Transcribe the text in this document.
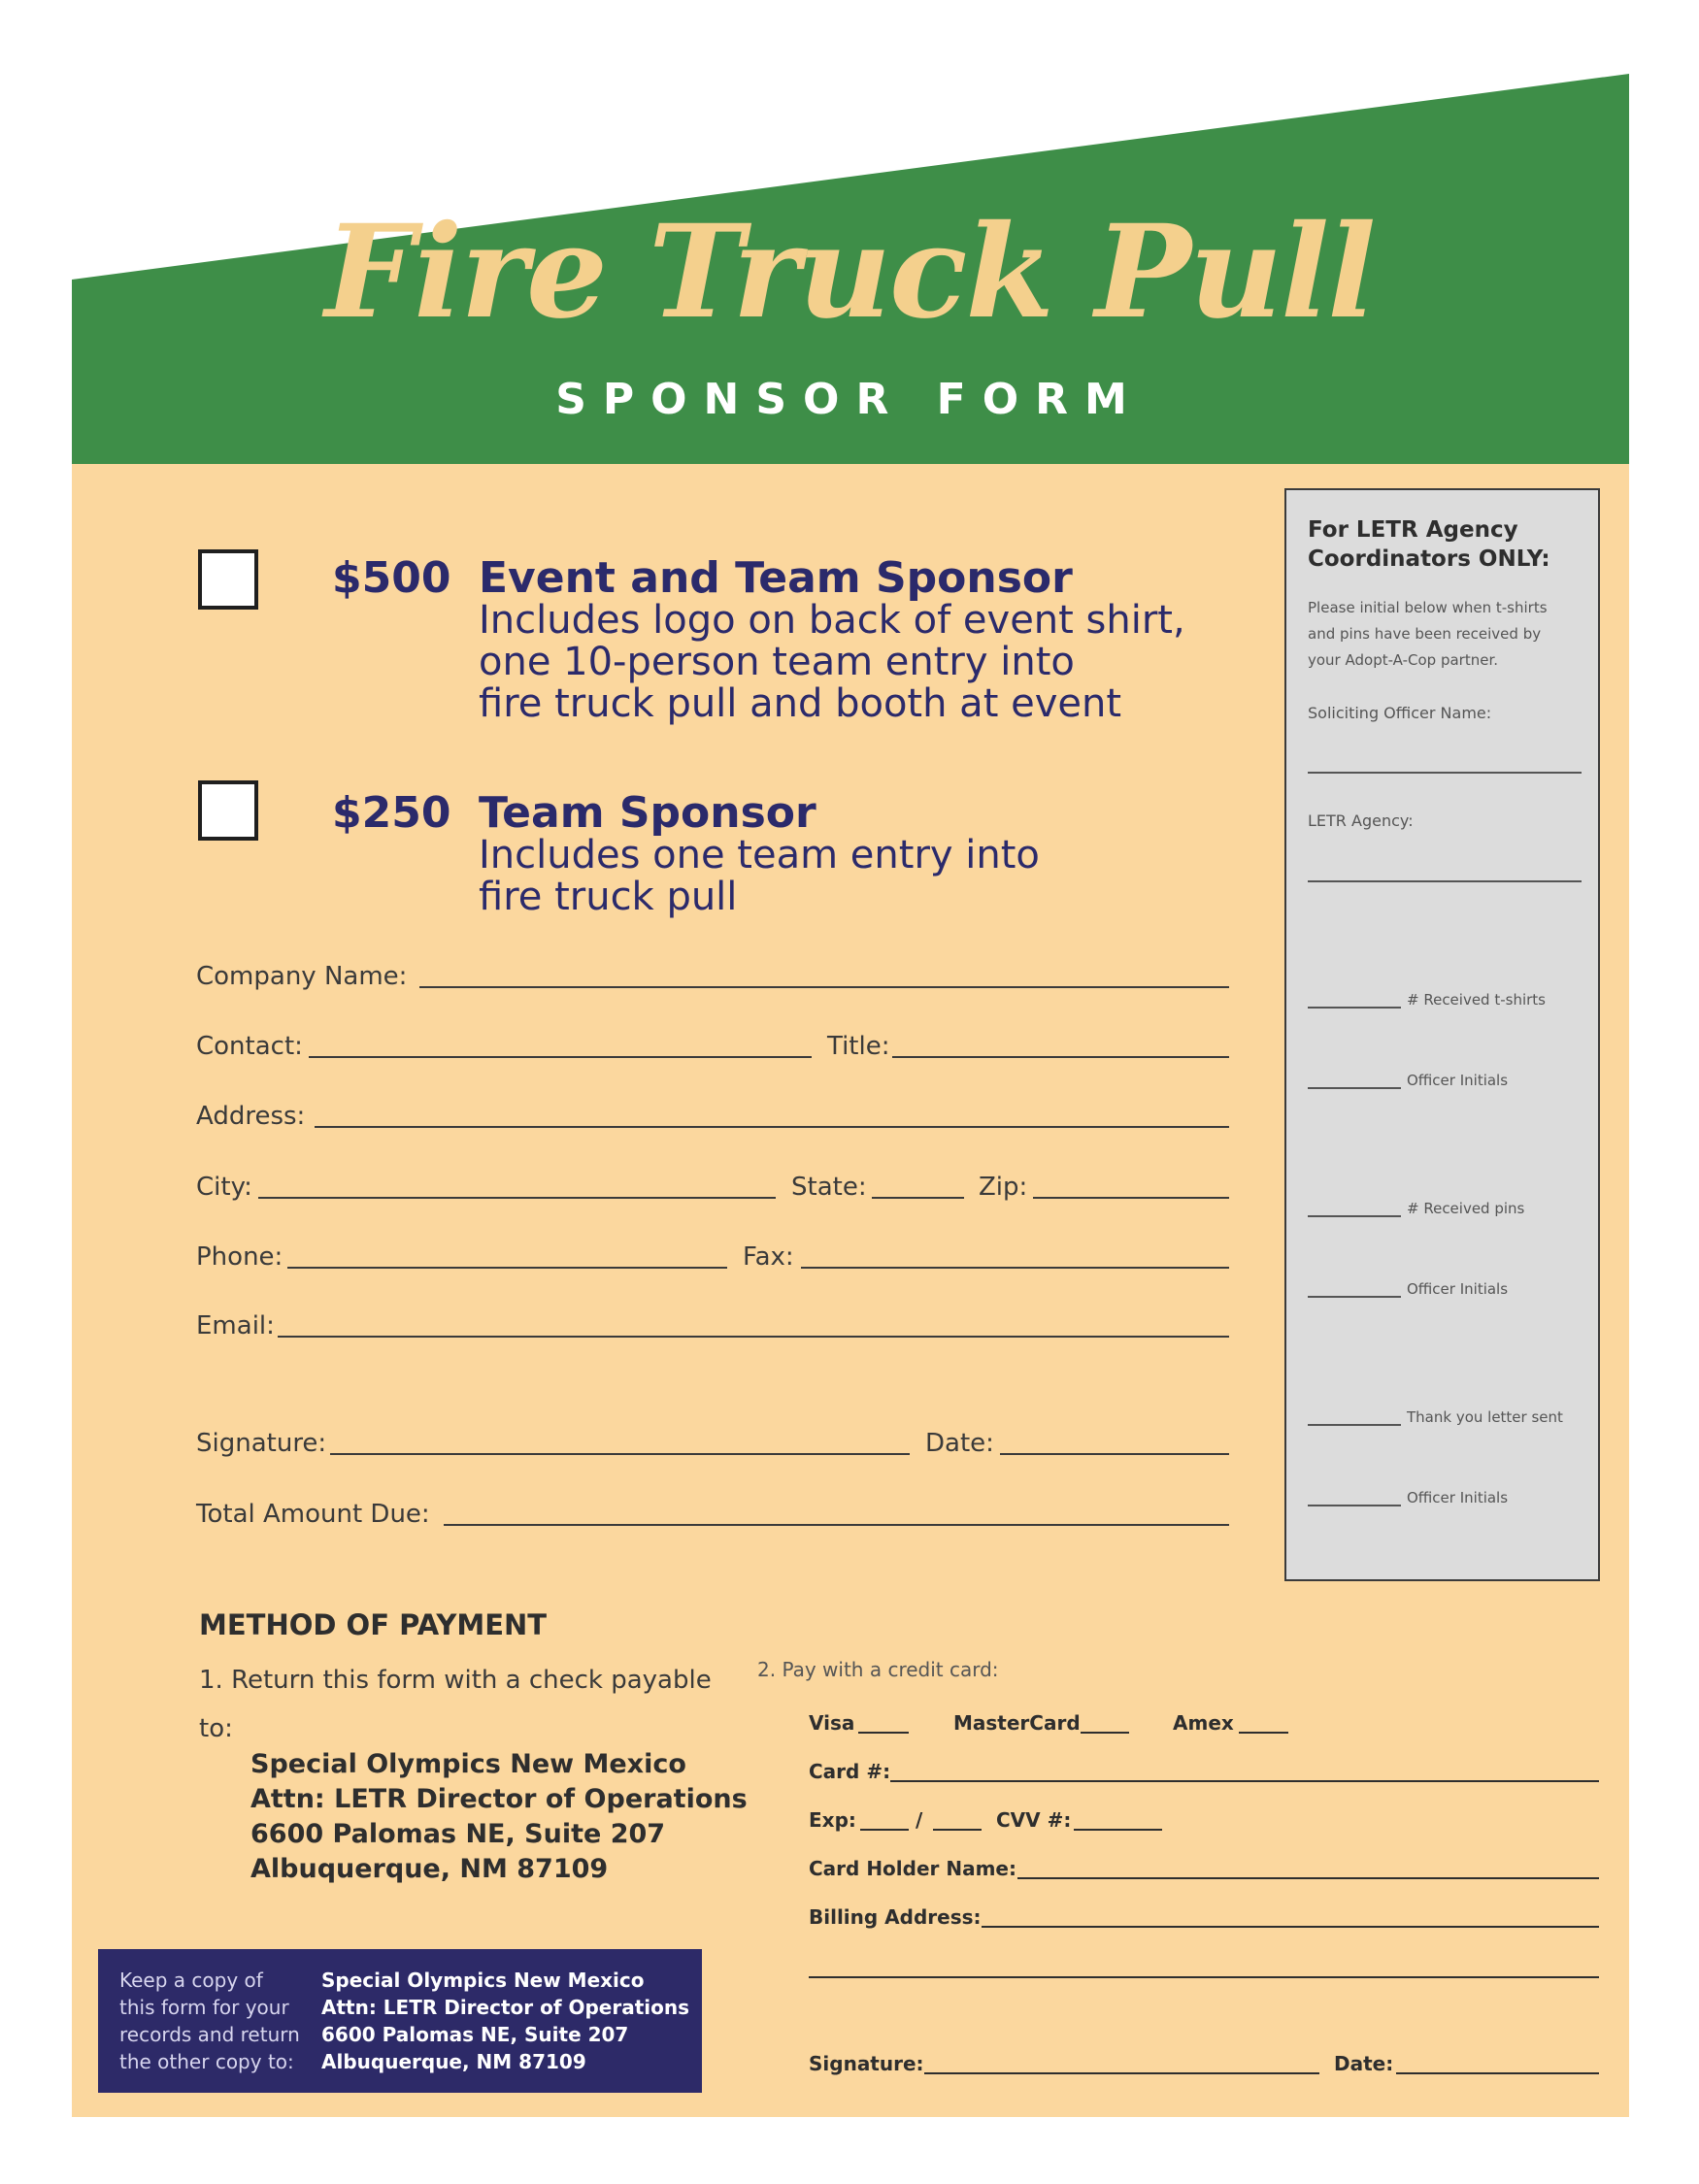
Fire Truck Pull
SPONSOR FORM
$500 Event and Team Sponsor
Includes logo on back of event shirt,
one 10-person team entry into
fire truck pull and booth at event
$250 Team Sponsor
Includes one team entry into
fire truck pull
Company Name:
Contact:	Title:
Address:
City:	State:	Zip:
Phone:	Fax:
Email:
Signature:	Date:
Total Amount Due:
For LETR Agency
Coordinators ONLY:
Please initial below when t-shirts
and pins have been received by
your Adopt-A-Cop partner.
Soliciting Officer Name:
LETR Agency:
# Received t-shirts
Officer Initials
# Received pins
Officer Initials
Thank you letter sent
Officer Initials
METHOD OF PAYMENT
1. Return this form with a check payable to:
Special Olympics New Mexico
Attn: LETR Director of Operations
6600 Palomas NE, Suite 207
Albuquerque, NM 87109
2. Pay with a credit card:
Visa	MasterCard	Amex
Card #:
Exp:	/	CVV #:
Card Holder Name:
Billing Address:
Signature:	Date:
Keep a copy of
this form for your
records and return
the other copy to:
Special Olympics New Mexico
Attn: LETR Director of Operations
6600 Palomas NE, Suite 207
Albuquerque, NM 87109
